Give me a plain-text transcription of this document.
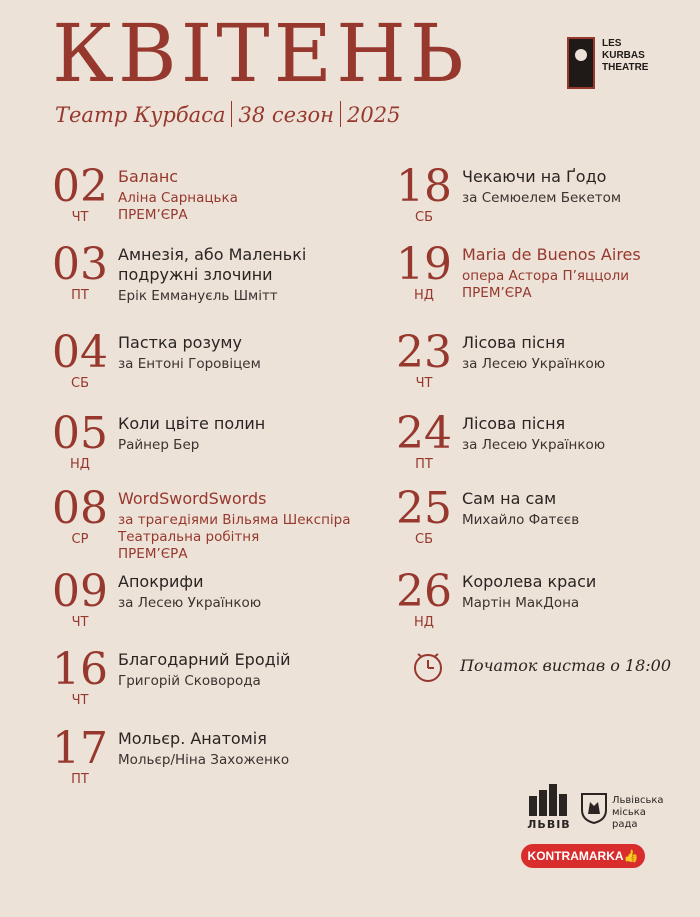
КВІТЕНЬ
Театр Курбаса 38 сезон 2025
LES
KURBAS
THEATRE
02
ЧТ
Баланс
Аліна Сарнацька
ПРЕМ’ЄРА
03
ПТ
Амнезія, або Маленькі подружні злочини
Ерік Еммануєль Шмітт
04
СБ
Пастка розуму
за Ентоні Горовіцем
05
НД
Коли цвіте полин
Райнер Бер
08
СР
WordSwordSwords
за трагедіями Вільяма Шекспіра
Театральна робітня
ПРЕМ’ЄРА
09
ЧТ
Апокрифи
за Лесею Українкою
16
ЧТ
Благодарний Еродій
Григорій Сковорода
17
ПТ
Мольєр. Анатомія
Мольєр/Ніна Захоженко
18
СБ
Чекаючи на Ґодо
за Семюелем Бекетом
19
НД
Maria de Buenos Aires
опера Астора П’яццоли
ПРЕМ’ЄРА
23
ЧТ
Лісова пісня
за Лесею Українкою
24
ПТ
Лісова пісня
за Лесею Українкою
25
СБ
Сам на сам
Михайло Фатєєв
26
НД
Королева краси
Мартін МакДона
Початок вистав о 18:00
ЛЬВІВ
Львівська
міська
рада
KONTRAMARKA👍
